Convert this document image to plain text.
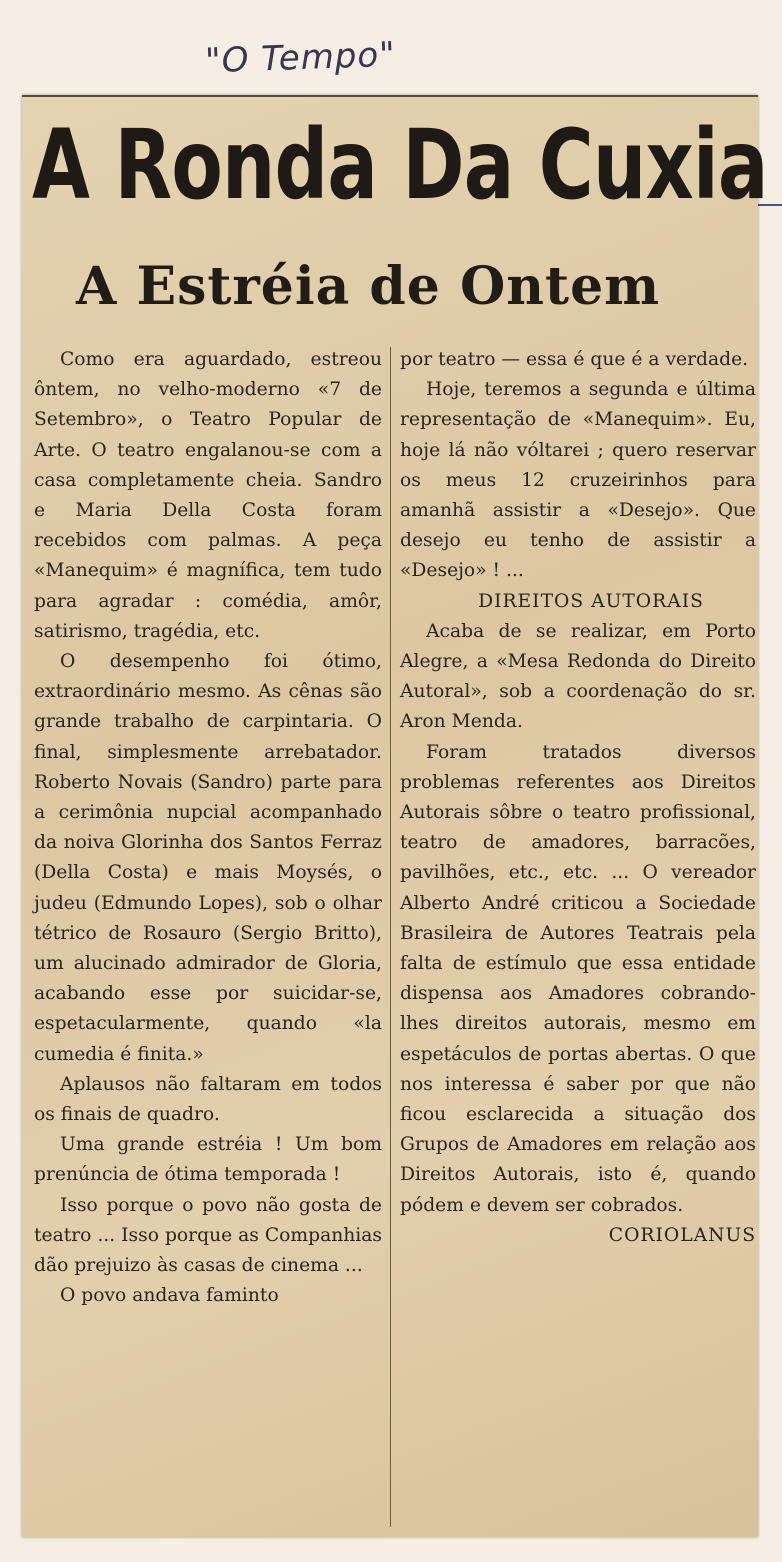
"O Tempo"
A Ronda Da Cuxia
A Estréia de Ontem

Como era aguardado, estreou ôntem, no velho-moderno «7 de Setembro», o Teatro Popular de Arte. O teatro engalanou-se com a casa completamente cheia. Sandro e Maria Della Costa foram recebidos com palmas. A peça «Manequim» é magnífica, tem tudo para agradar : comédia, amôr, satirismo, tragédia, etc.

O desempenho foi ótimo, extraordinário mesmo. As cênas são grande trabalho de carpintaria. O final, simplesmente arrebatador. Roberto Novais (Sandro) parte para a cerimônia nupcial acompanhado da noiva Glorinha dos Santos Ferraz (Della Costa) e mais Moysés, o judeu (Edmundo Lopes), sob o olhar tétrico de Rosauro (Sergio Britto), um alucinado admirador de Gloria, acabando esse por suicidar-se, espetacularmente, quando «la cumedia é finita.»

Aplausos não faltaram em todos os finais de quadro.

Uma grande estréia ! Um bom prenúncia de ótima temporada !

Isso porque o povo não gosta de teatro ... Isso porque as Companhias dão prejuizo às casas de cinema ...

O povo andava faminto

por teatro — essa é que é a verdade.

Hoje, teremos a segunda e última representação de «Manequim». Eu, hoje lá não vóltarei ; quero reservar os meus 12 cruzeirinhos para amanhã assistir a «Desejo». Que desejo eu tenho de assistir a «Desejo» ! ...

DIREITOS AUTORAIS

Acaba de se realizar, em Porto Alegre, a «Mesa Redonda do Direito Autoral», sob a coordenação do sr. Aron Menda.

Foram tratados diversos problemas referentes aos Direitos Autorais sôbre o teatro profissional, teatro de amadores, barracões, pavilhões, etc., etc. ... O vereador Alberto André criticou a Sociedade Brasileira de Autores Teatrais pela falta de estímulo que essa entidade dispensa aos Amadores cobrando-lhes direitos autorais, mesmo em espetáculos de portas abertas. O que nos interessa é saber por que não ficou esclarecida a situação dos Grupos de Amadores em relação aos Direitos Autorais, isto é, quando pódem e devem ser cobrados.

CORIOLANUS
